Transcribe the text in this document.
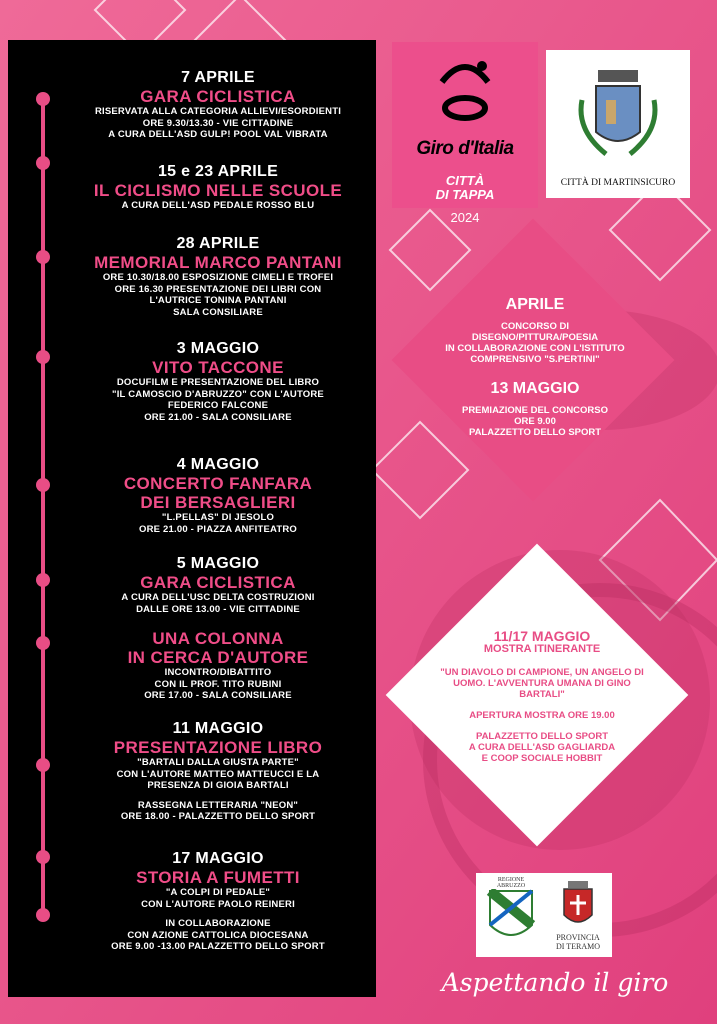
7 APRILE
GARA CICLISTICA
RISERVATA ALLA CATEGORIA ALLIEVI/ESORDIENTI
ORE 9.30/13.30 - VIE CITTADINE
A CURA DELL'ASD GULP! POOL VAL VIBRATA
15 e 23 APRILE
IL CICLISMO NELLE SCUOLE
A CURA DELL'ASD PEDALE ROSSO BLU
28 APRILE
MEMORIAL MARCO PANTANI
ORE 10.30/18.00 ESPOSIZIONE CIMELI E TROFEI
ORE 16.30 PRESENTAZIONE DEI LIBRI CON
L'AUTRICE TONINA PANTANI
SALA CONSILIARE
3 MAGGIO
VITO TACCONE
DOCUFILM E PRESENTAZIONE DEL LIBRO
"IL CAMOSCIO D'ABRUZZO" CON L'AUTORE
FEDERICO FALCONE
ORE 21.00 - SALA CONSILIARE
4 MAGGIO
CONCERTO FANFARA
DEI BERSAGLIERI
"L.PELLAS" DI JESOLO
ORE 21.00 - PIAZZA ANFITEATRO
5 MAGGIO
GARA CICLISTICA
A CURA DELL'USC DELTA COSTRUZIONI
DALLE ORE 13.00 - VIE CITTADINE
UNA COLONNA
IN CERCA D'AUTORE
INCONTRO/DIBATTITO
CON IL PROF. TITO RUBINI
ORE 17.00 - SALA CONSILIARE
11 MAGGIO
PRESENTAZIONE LIBRO
"BARTALI DALLA GIUSTA PARTE"
CON L'AUTORE MATTEO MATTEUCCI E LA
PRESENZA DI GIOIA BARTALI
RASSEGNA LETTERARIA "NEON"
ORE 18.00 - PALAZZETTO DELLO SPORT
17 MAGGIO
STORIA A FUMETTI
"A COLPI DI PEDALE"
CON L'AUTORE PAOLO REINERI
IN COLLABORAZIONE
CON AZIONE CATTOLICA DIOCESANA
ORE 9.00 -13.00 PALAZZETTO DELLO SPORT
Giro d'Italia
CITTÀ
DI TAPPA
2024
CITTÀ DI MARTINSICURO
APRILE
CONCORSO DI
DISEGNO/PITTURA/POESIA
IN COLLABORAZIONE CON L'ISTITUTO
COMPRENSIVO "S.PERTINI"
13 MAGGIO
PREMIAZIONE DEL CONCORSO
ORE 9.00
PALAZZETTO DELLO SPORT
11/17 MAGGIO
MOSTRA ITINERANTE
"UN DIAVOLO DI CAMPIONE, UN ANGELO DI
UOMO. L'AVVENTURA UMANA DI GINO
BARTALI"
APERTURA MOSTRA ORE 19.00
PALAZZETTO DELLO SPORT
A CURA DELL'ASD GAGLIARDA
E COOP SOCIALE HOBBIT
REGIONE
ABRUZZO
PROVINCIA
DI TERAMO
Aspettando il giro
